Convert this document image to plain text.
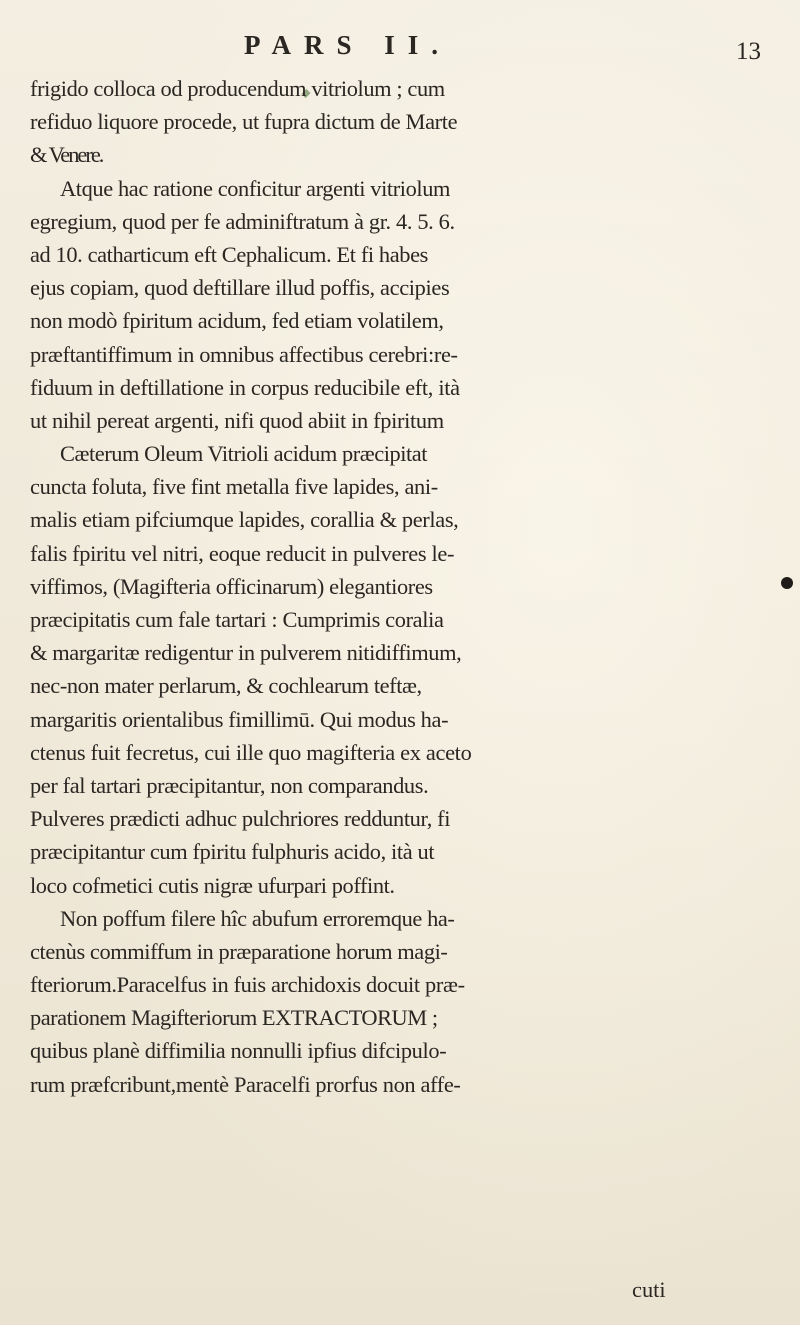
PARS II.	13
frigido colloca od producendum vitriolum ; cum
refiduo liquore procede, ut fupra dictum de Marte
& Venere.
Atque hac ratione conficitur argenti vitriolum
egregium, quod per fe adminiftratum à gr. 4. 5. 6.
ad 10. catharticum eft Cephalicum. Et fi habes
ejus copiam, quod deftillare illud poffis, accipies
non modò fpiritum acidum, fed etiam volatilem,
præftantiffimum in omnibus affectibus cerebri:re-
fiduum in deftillatione in corpus reducibile eft, ità
ut nihil pereat argenti, nifi quod abiit in fpiritum
Cæterum Oleum Vitrioli acidum præcipitat
cuncta foluta, five fint metalla five lapides, ani-
malis etiam pifciumque lapides, corallia & perlas,
falis fpiritu vel nitri, eoque reducit in pulveres le-
viffimos, (Magifteria officinarum) elegantiores
præcipitatis cum fale tartari : Cumprimis coralia
& margaritæ redigentur in pulverem nitidiffimum,
nec-non mater perlarum, & cochlearum teftæ,
margaritis orientalibus fimillimū. Qui modus ha-
ctenus fuit fecretus, cui ille quo magifteria ex aceto
per fal tartari præcipitantur, non comparandus.
Pulveres prædicti adhuc pulchriores redduntur, fi
præcipitantur cum fpiritu fulphuris acido, ità ut
loco cofmetici cutis nigræ ufurpari poffint.
Non poffum filere hîc abufum erroremque ha-
ctenùs commiffum in præparatione horum magi-
fteriorum.Paracelfus in fuis archidoxis docuit præ-
parationem Magifteriorum EXTRACTORUM ;
quibus planè diffimilia nonnulli ipfius difcipulo-
rum præfcribunt,mentè Paracelfi prorfus non affe-
cuti
